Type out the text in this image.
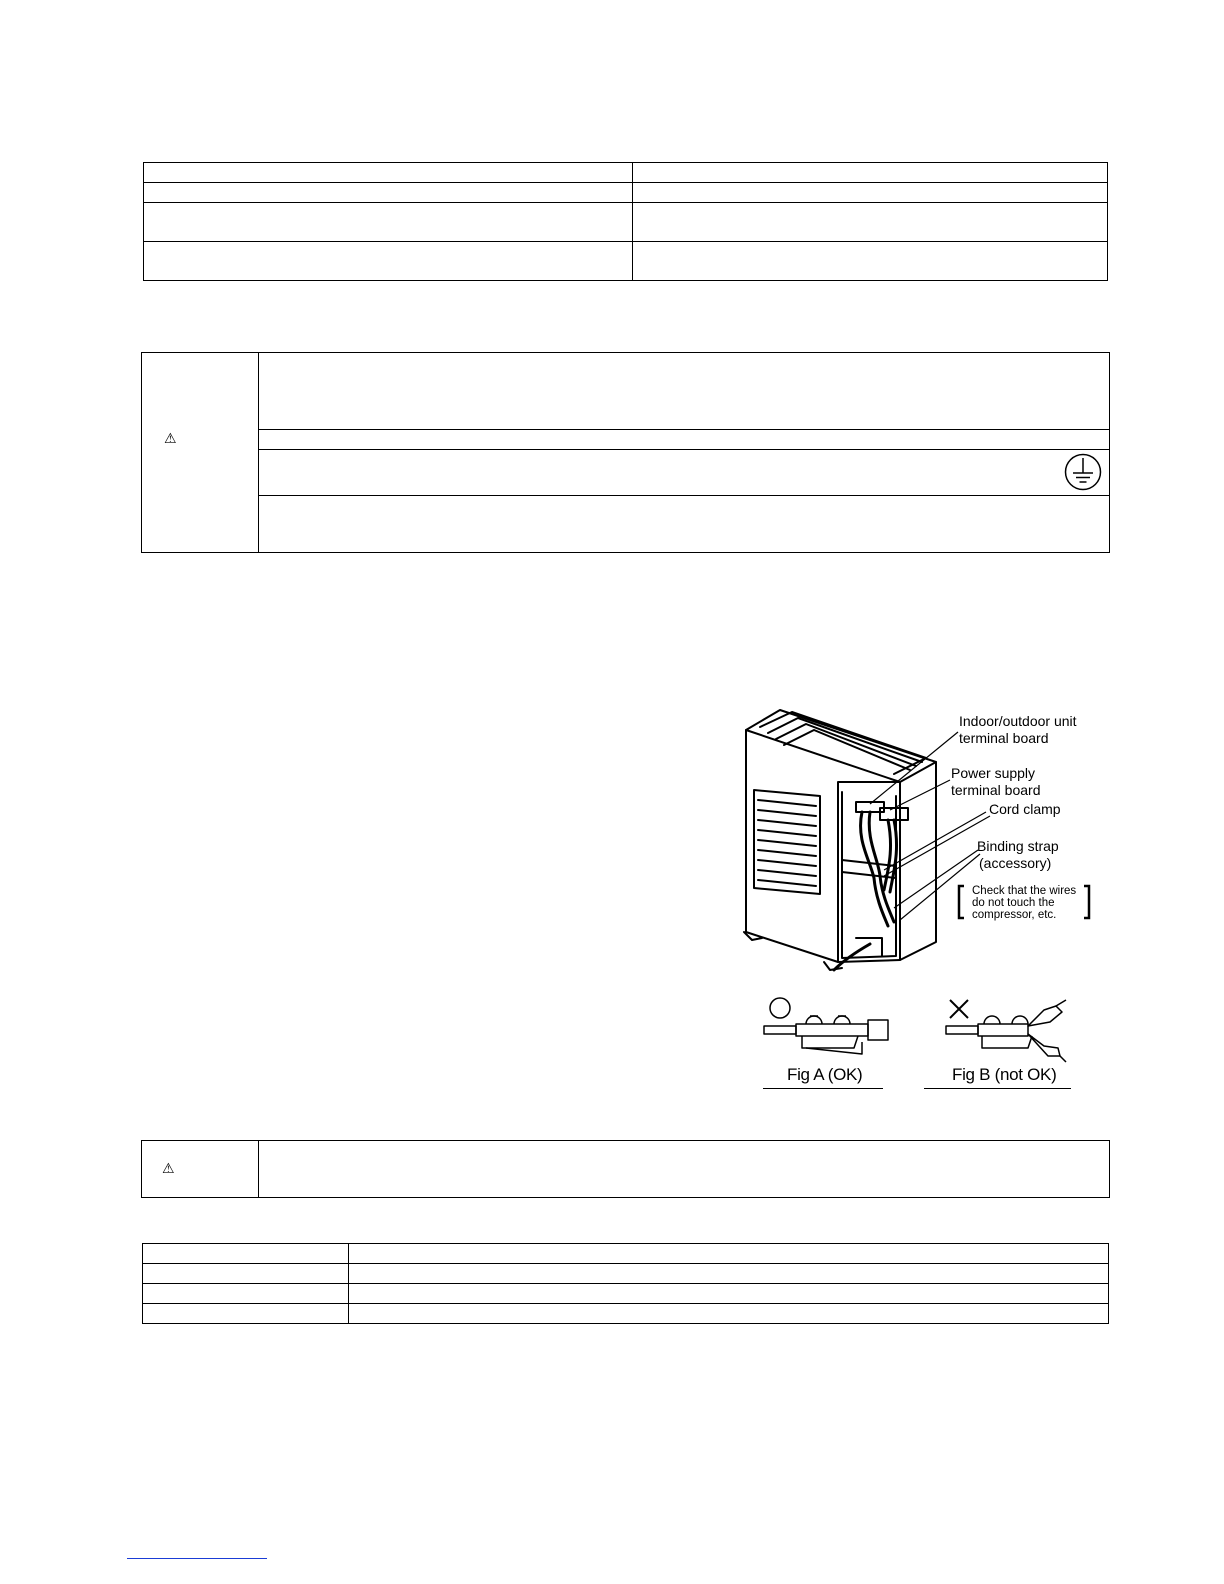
⚠
Indoor/outdoor unit
terminal board
Power supply
terminal board
Cord clamp
Binding strap
(accessory)
Check that the wires
do not touch the
compressor, etc.
Fig A (OK)	Fig B (not OK)

⚠
